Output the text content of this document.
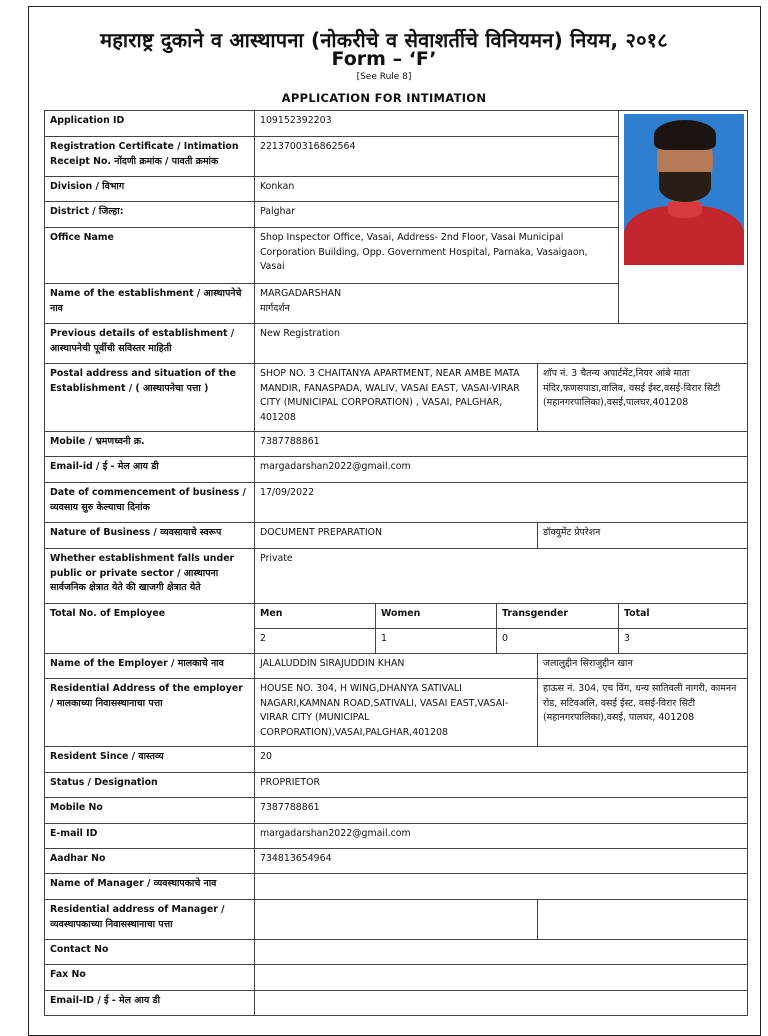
महाराष्ट्र दुकाने व आस्थापना (नोकरीचे व सेवाशर्तीचे विनियमन) नियम, २०१८
Form – ‘F’
[See Rule 8]
APPLICATION FOR INTIMATION
Application ID	109152392203				

Registration Certificate / Intimation Receipt No. नोंदणी क्रमांक / पावती क्रमांक	2213700316862564				
Division / विभाग	Konkan				
District / जिल्हा:	Palghar				
Office Name	Shop Inspector Office, Vasai, Address- 2nd Floor, Vasai Municipal Corporation Building, Opp. Government Hospital, Parnaka, Vasaigaon, Vasai				
Name of the establishment / आस्थापनेचे नाव	MARGADARSHAN
मार्गदर्शन				

Previous details of establishment / आस्थापनेची पूर्वीची सविस्तर माहिती	New Registration				
Postal address and situation of the Establishment / ( आस्थापनेचा पत्ता )	SHOP NO. 3 CHAITANYA APARTMENT, NEAR AMBE MATA MANDIR, FANASPADA, WALIV, VASAI EAST, VASAI-VIRAR CITY (MUNICIPAL CORPORATION) , VASAI, PALGHAR, 401208			शॉप नं. 3 चैतन्य अपार्टमेंट,नियर आंबे माता मंदिर,फणसपाडा,वालिव, वसई ईस्ट,वसई-विरार सिटी (महानगरपालिका),वसई,पालघर,401208	
Mobile / भ्रमणध्वनी क्र.	7387788861				
Email-id / ई - मेल आय डी	margadarshan2022@gmail.com				
Date of commencement of business / व्यवसाय सुरु केल्याचा दिनांक	17/09/2022				
Nature of Business / व्यवसायाचे स्वरूप	DOCUMENT PREPARATION			डॉक्युमेंट प्रेपरेशन	
Whether establishment falls under public or private sector / आस्थापना सार्वजनिक क्षेत्रात येते की खाजगी क्षेत्रात येते	Private				
Total No. of Employee	Men	Women	Transgender		Total
	2	1	0		3
Name of the Employer / मालकाचे नाव	JALALUDDIN SIRAJUDDIN KHAN			जलालुद्दीन सिराजुद्दीन खान	
Residential Address of the employer / मालकाच्या निवासस्थानाचा पत्ता	HOUSE NO. 304, H WING,DHANYA SATIVALI NAGARI,KAMNAN ROAD,SATIVALI, VASAI EAST,VASAI-VIRAR CITY (MUNICIPAL CORPORATION),VASAI,PALGHAR,401208			हाऊस नं. 304, एच विंग, धन्य सातिवली नागरी, कामनन रोड, सटिवअलि, वसई ईस्ट, वसई-विरार सिटी (महानगरपालिका),वसई, पालघर, 401208	
Resident Since / वास्तव्य	20				
Status / Designation	PROPRIETOR				
Mobile No	7387788861				
E-mail ID	margadarshan2022@gmail.com				
Aadhar No	734813654964				
Name of Manager / व्यवस्थापकाचे नाव					
Residential address of Manager / व्यवस्थापकाच्या निवासस्थानाचा पत्ता					
Contact No					
Fax No					
Email-ID / ई - मेल आय डी					
